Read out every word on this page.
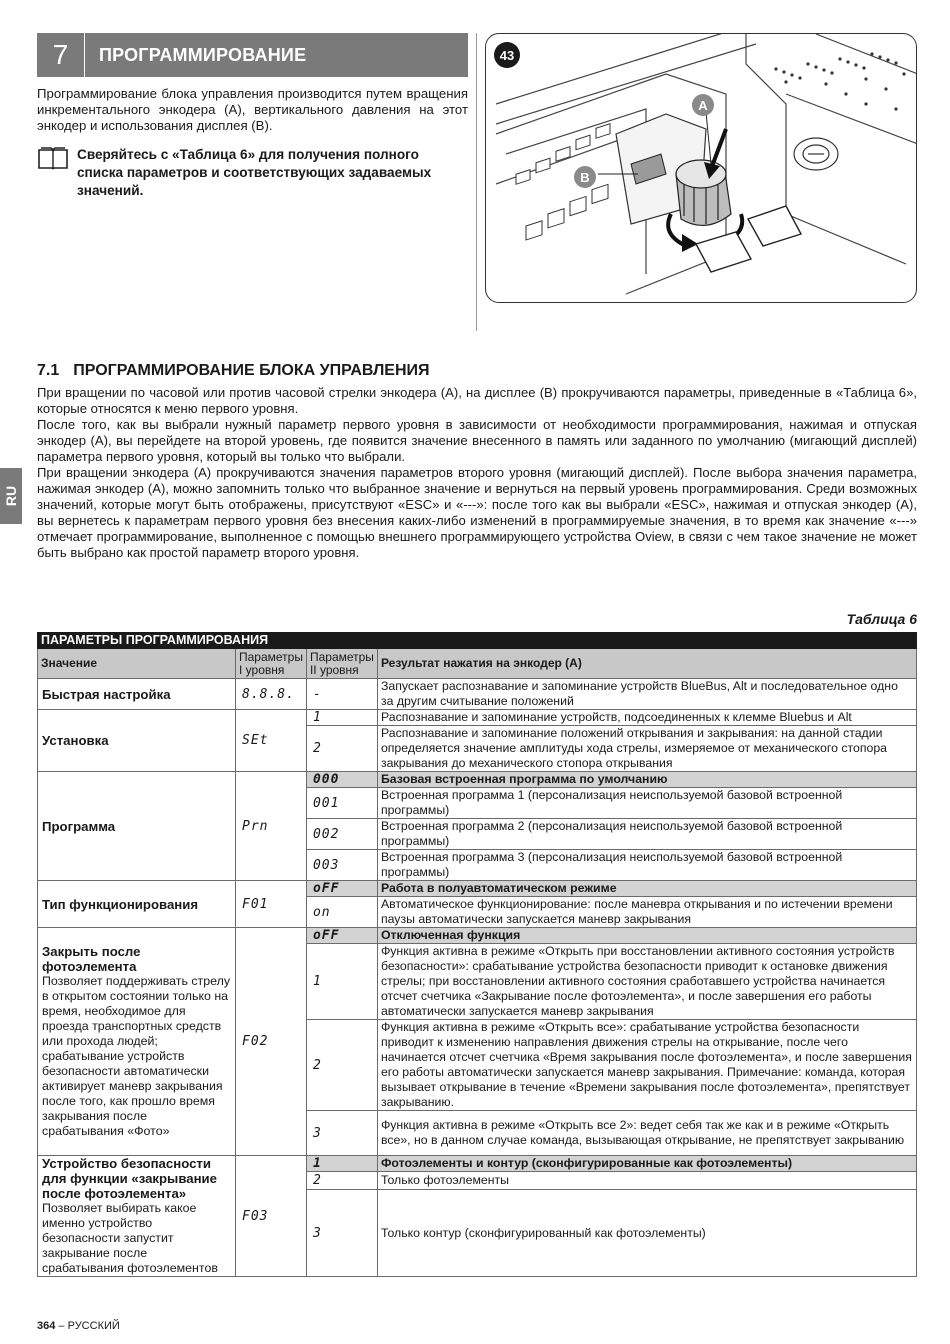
7	ПРОГРАММИРОВАНИЕ
Программирование блока управления производится путем вращения инкрементального энкодера (A), вертикального давления на этот энкодер и использования дисплея (B).
Сверяйтесь с «Таблица 6» для получения полного списка параметров и соответствующих задаваемых значений.
43
A
B
7.1 ПРОГРАММИРОВАНИЕ БЛОКА УПРАВЛЕНИЯ

При вращении по часовой или против часовой стрелки энкодера (A), на дисплее (B) прокручиваются параметры, приведенные в «Таблица 6», которые относятся к меню первого уровня.

После того, как вы выбрали нужный параметр первого уровня в зависимости от необходимости программирования, нажимая и отпуская энкодер (A), вы перейдете на второй уровень, где появится значение внесенного в память или заданного по умолчанию (мигающий дисплей) параметра первого уровня, который вы только что выбрали.

При вращении энкодера (A) прокручиваются значения параметров второго уровня (мигающий дисплей). После выбора значения параметра, нажимая энкодер (A), можно запомнить только что выбранное значение и вернуться на первый уровень программирования. Среди возможных значений, которые могут быть отображены, присутствуют «ESC» и «---»: после того как вы выбрали «ESC», нажимая и отпуская энкодер (A), вы вернетесь к параметрам первого уровня без внесения каких-либо изменений в программируемые значения, в то время как значение «---» отмечает программирование, выполненное с помощью внешнего программирующего устройства Oview, в связи с чем такое значение не может быть выбрано как простой параметр второго уровня.

RU
Таблица 6
ПАРАМЕТРЫ ПРОГРАММИРОВАНИЯ			
Значение	Параметры I уровня	Параметры II уровня	Результат нажатия на энкодер (A)
Быстрая настройка	8.8.8.	-	Запускает распознавание и запоминание устройств BlueBus, Alt и последовательное одно за другим считывание положений
Установка	SEt	1	Распознавание и запоминание устройств, подсоединенных к клемме Bluebus и Alt
		2	Распознавание и запоминание положений открывания и закрывания: на данной стадии определяется значение амплитуды хода стрелы, измеряемое от механического стопора закрывания до механического стопора открывания
Программа	Prn	000	Базовая встроенная программа по умолчанию
		001	Встроенная программа 1 (персонализация неиспользуемой базовой встроенной программы)
		002	Встроенная программа 2 (персонализация неиспользуемой базовой встроенной программы)
		003	Встроенная программа 3 (персонализация неиспользуемой базовой встроенной программы)
Тип функционирования	F01	oFF	Работа в полуавтоматическом режиме
		on	Автоматическое функционирование: после маневра открывания и по истечении времени паузы автоматически запускается маневр закрывания
Закрыть после фотоэлемента
Позволяет поддерживать стрелу в открытом состоянии только на время, необходимое для проезда транспортных средств или прохода людей; срабатывание устройств безопасности автоматически активирует маневр закрывания после того, как прошло время закрывания после срабатывания «Фото»	F02	oFF	Отключенная функция
		1	Функция активна в режиме «Открыть при восстановлении активного состояния устройств безопасности»: срабатывание устройства безопасности приводит к остановке движения стрелы; при восстановлении активного состояния сработавшего устройства начинается отсчет счетчика «Закрывание после фотоэлемента», и после завершения его работы автоматически запускается маневр закрывания
		2	Функция активна в режиме «Открыть все»: срабатывание устройства безопасности приводит к изменению направления движения стрелы на открывание, после чего начинается отсчет счетчика «Время закрывания после фотоэлемента», и после завершения его работы автоматически запускается маневр закрывания. Примечание: команда, которая вызывает открывание в течение «Времени закрывания после фотоэлемента», препятствует закрыванию.
		3	Функция активна в режиме «Открыть все 2»: ведет себя так же как и в режиме «Открыть все», но в данном случае команда, вызывающая открывание, не препятствует закрыванию
Устройство безопасности для функции «закрывание после фотоэлемента»
Позволяет выбирать какое именно устройство безопасности запустит закрывание после срабатывания фотоэлементов	F03	1	Фотоэлементы и контур (сконфигурированные как фотоэлементы)
		2	Только фотоэлементы
		3	Только контур (сконфигурированный как фотоэлементы)
364 – РУССКИЙ
